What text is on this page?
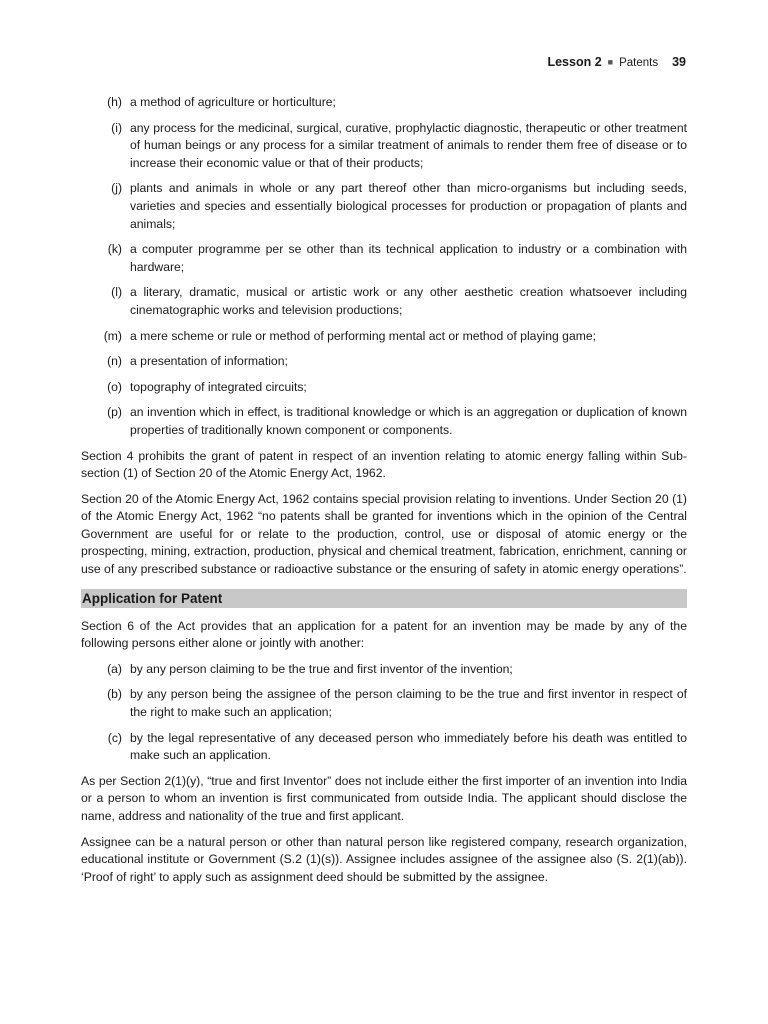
Lesson 2 ■ Patents 39
(h) a method of agriculture or horticulture;
(i) any process for the medicinal, surgical, curative, prophylactic diagnostic, therapeutic or other treatment of human beings or any process for a similar treatment of animals to render them free of disease or to increase their economic value or that of their products;
(j) plants and animals in whole or any part thereof other than micro-organisms but including seeds, varieties and species and essentially biological processes for production or propagation of plants and animals;
(k) a computer programme per se other than its technical application to industry or a combination with hardware;
(l) a literary, dramatic, musical or artistic work or any other aesthetic creation whatsoever including cinematographic works and television productions;
(m) a mere scheme or rule or method of performing mental act or method of playing game;
(n) a presentation of information;
(o) topography of integrated circuits;
(p) an invention which in effect, is traditional knowledge or which is an aggregation or duplication of known properties of traditionally known component or components.

Section 4 prohibits the grant of patent in respect of an invention relating to atomic energy falling within Sub-section (1) of Section 20 of the Atomic Energy Act, 1962.

Section 20 of the Atomic Energy Act, 1962 contains special provision relating to inventions. Under Section 20 (1) of the Atomic Energy Act, 1962 “no patents shall be granted for inventions which in the opinion of the Central Government are useful for or relate to the production, control, use or disposal of atomic energy or the prospecting, mining, extraction, production, physical and chemical treatment, fabrication, enrichment, canning or use of any prescribed substance or radioactive substance or the ensuring of safety in atomic energy operations”.

Application for Patent

Section 6 of the Act provides that an application for a patent for an invention may be made by any of the following persons either alone or jointly with another:

(a) by any person claiming to be the true and first inventor of the invention;
(b) by any person being the assignee of the person claiming to be the true and first inventor in respect of the right to make such an application;
(c) by the legal representative of any deceased person who immediately before his death was entitled to make such an application.

As per Section 2(1)(y), “true and first Inventor” does not include either the first importer of an invention into India or a person to whom an invention is first communicated from outside India. The applicant should disclose the name, address and nationality of the true and first applicant.

Assignee can be a natural person or other than natural person like registered company, research organization, educational institute or Government (S.2 (1)(s)). Assignee includes assignee of the assignee also (S. 2(1)(ab)). ‘Proof of right’ to apply such as assignment deed should be submitted by the assignee.
